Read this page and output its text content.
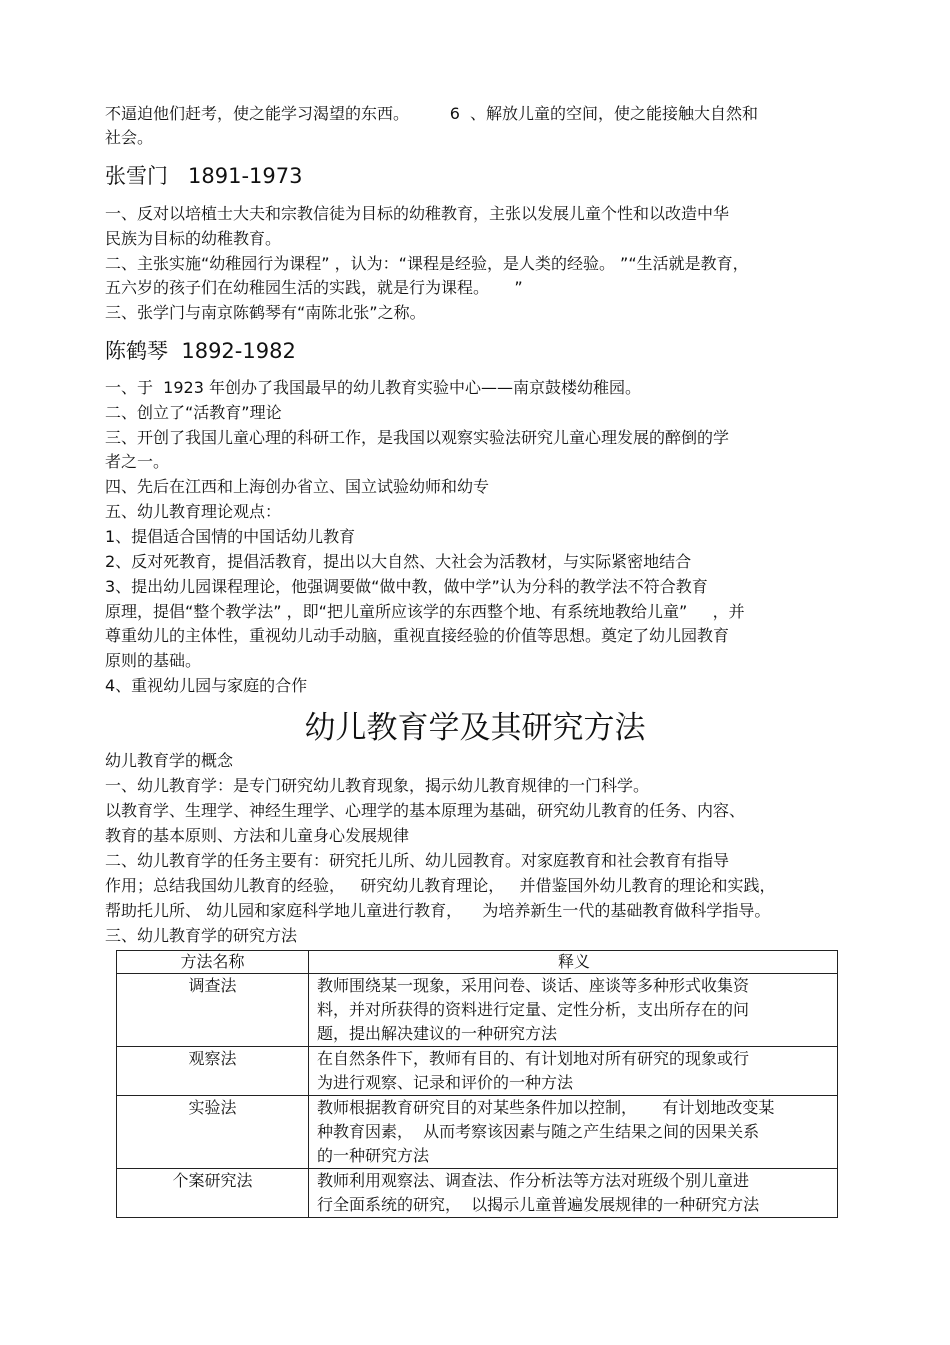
不逼迫他们赶考，使之能学习渴望的东西。        6  、解放儿童的空间，使之能接触大自然和
社会。
张雪门   1891-1973
一、反对以培植士大夫和宗教信徒为目标的幼稚教育，主张以发展儿童个性和以改造中华
民族为目标的幼稚教育。
二、主张实施“幼稚园行为课程” ，认为：“课程是经验，是人类的经验。 ”“生活就是教育，
五六岁的孩子们在幼稚园生活的实践，就是行为课程。     ”
三、张学门与南京陈鹤琴有“南陈北张”之称。
陈鹤琴  1892-1982
一、于  1923 年创办了我国最早的幼儿教育实验中心——南京鼓楼幼稚园。
二、创立了“活教育”理论
三、开创了我国儿童心理的科研工作，是我国以观察实验法研究儿童心理发展的醉倒的学
者之一。
四、先后在江西和上海创办省立、国立试验幼师和幼专
五、幼儿教育理论观点：
1、提倡适合国情的中国话幼儿教育
2、反对死教育，提倡活教育，提出以大自然、大社会为活教材，与实际紧密地结合
3、提出幼儿园课程理论，他强调要做“做中教，做中学”认为分科的教学法不符合教育
原理，提倡“整个教学法” ，即“把儿童所应该学的东西整个地、有系统地教给儿童”     ，并
尊重幼儿的主体性，重视幼儿动手动脑，重视直接经验的价值等思想。奠定了幼儿园教育
原则的基础。
4、重视幼儿园与家庭的合作
幼儿教育学及其研究方法
幼儿教育学的概念
一、幼儿教育学：是专门研究幼儿教育现象，揭示幼儿教育规律的一门科学。
以教育学、生理学、神经生理学、心理学的基本原理为基础，研究幼儿教育的任务、内容、
教育的基本原则、方法和儿童身心发展规律
二、幼儿教育学的任务主要有：研究托儿所、幼儿园教育。对家庭教育和社会教育有指导
作用；总结我国幼儿教育的经验，   研究幼儿教育理论，   并借鉴国外幼儿教育的理论和实践，
帮助托儿所、 幼儿园和家庭科学地儿童进行教育，    为培养新生一代的基础教育做科学指导。
三、幼儿教育学的研究方法
方法名称	释义
调查法	教师围绕某一现象，采用问卷、谈话、座谈等多种形式收集资
料，并对所获得的资料进行定量、定性分析，支出所存在的问
题，提出解决建议的一种研究方法

观察法	在自然条件下，教师有目的、有计划地对所有研究的现象或行
为进行观察、记录和评价的一种方法

实验法	教师根据教育研究目的对某些条件加以控制，     有计划地改变某
种教育因素，  从而考察该因素与随之产生结果之间的因果关系
的一种研究方法

个案研究法	教师利用观察法、调查法、作分析法等方法对班级个别儿童进
行全面系统的研究，  以揭示儿童普遍发展规律的一种研究方法
